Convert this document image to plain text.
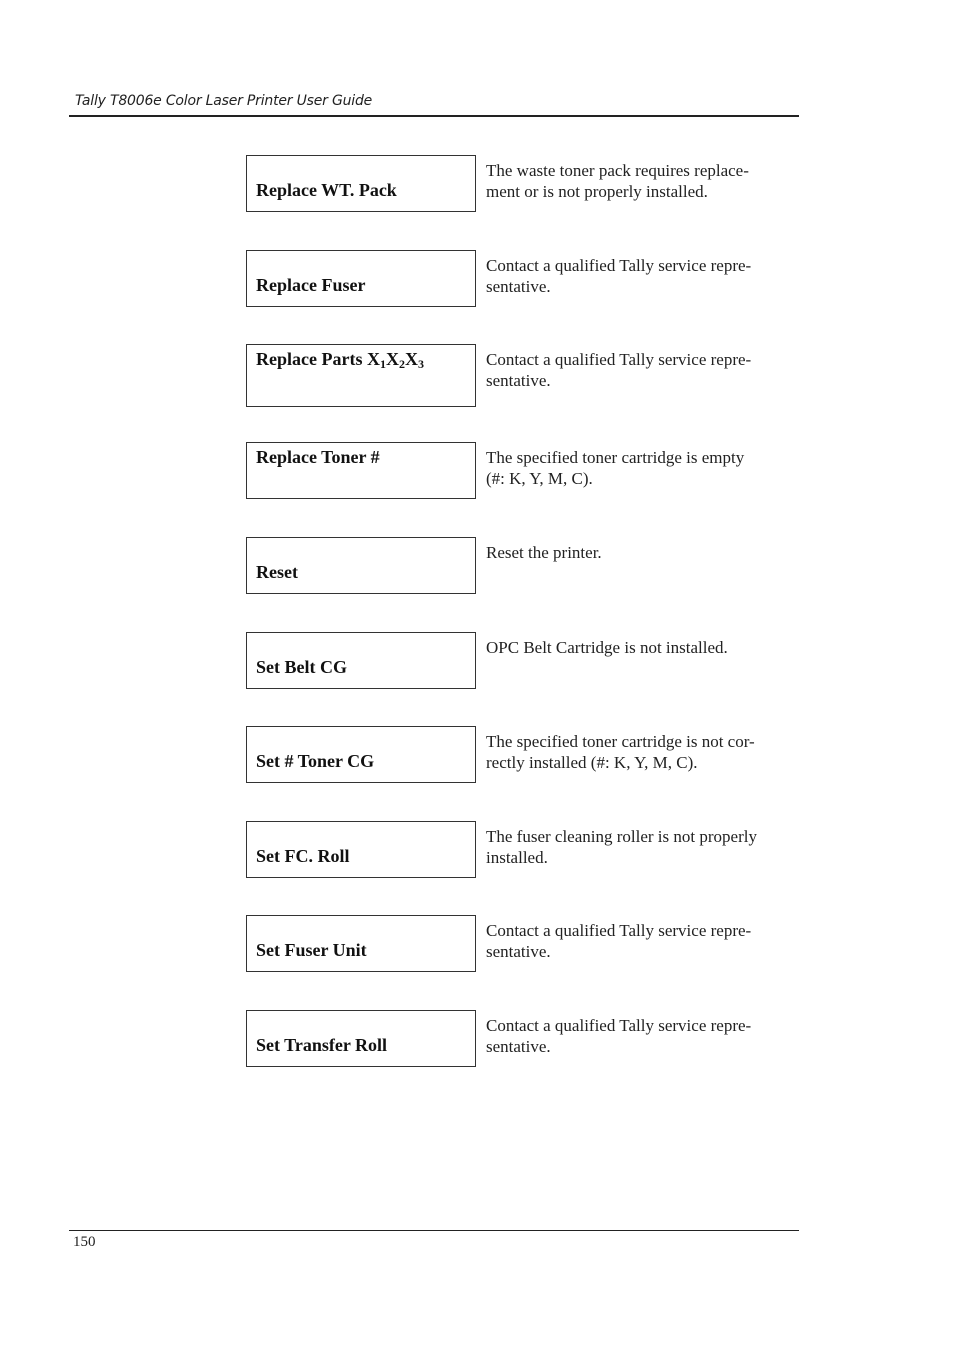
Tally T8006e Color Laser Printer User Guide
Replace WT. Pack
The waste toner pack requires replace-
ment or is not properly installed.
Replace Fuser
Contact a qualified Tally service repre-
sentative.
Replace Parts $X_1X_2X_3$	Contact a qualified Tally service repre-
sentative.
Replace Toner #	The specified toner cartridge is empty
(#: K, Y, M, C).
Reset
Reset the printer.
Set Belt CG
OPC Belt Cartridge is not installed.
Set # Toner CG
The specified toner cartridge is not cor-
rectly installed (#: K, Y, M, C).
Set FC. Roll
The fuser cleaning roller is not properly
installed.
Set Fuser Unit
Contact a qualified Tally service repre-
sentative.
Set Transfer Roll
Contact a qualified Tally service repre-
sentative.
150
